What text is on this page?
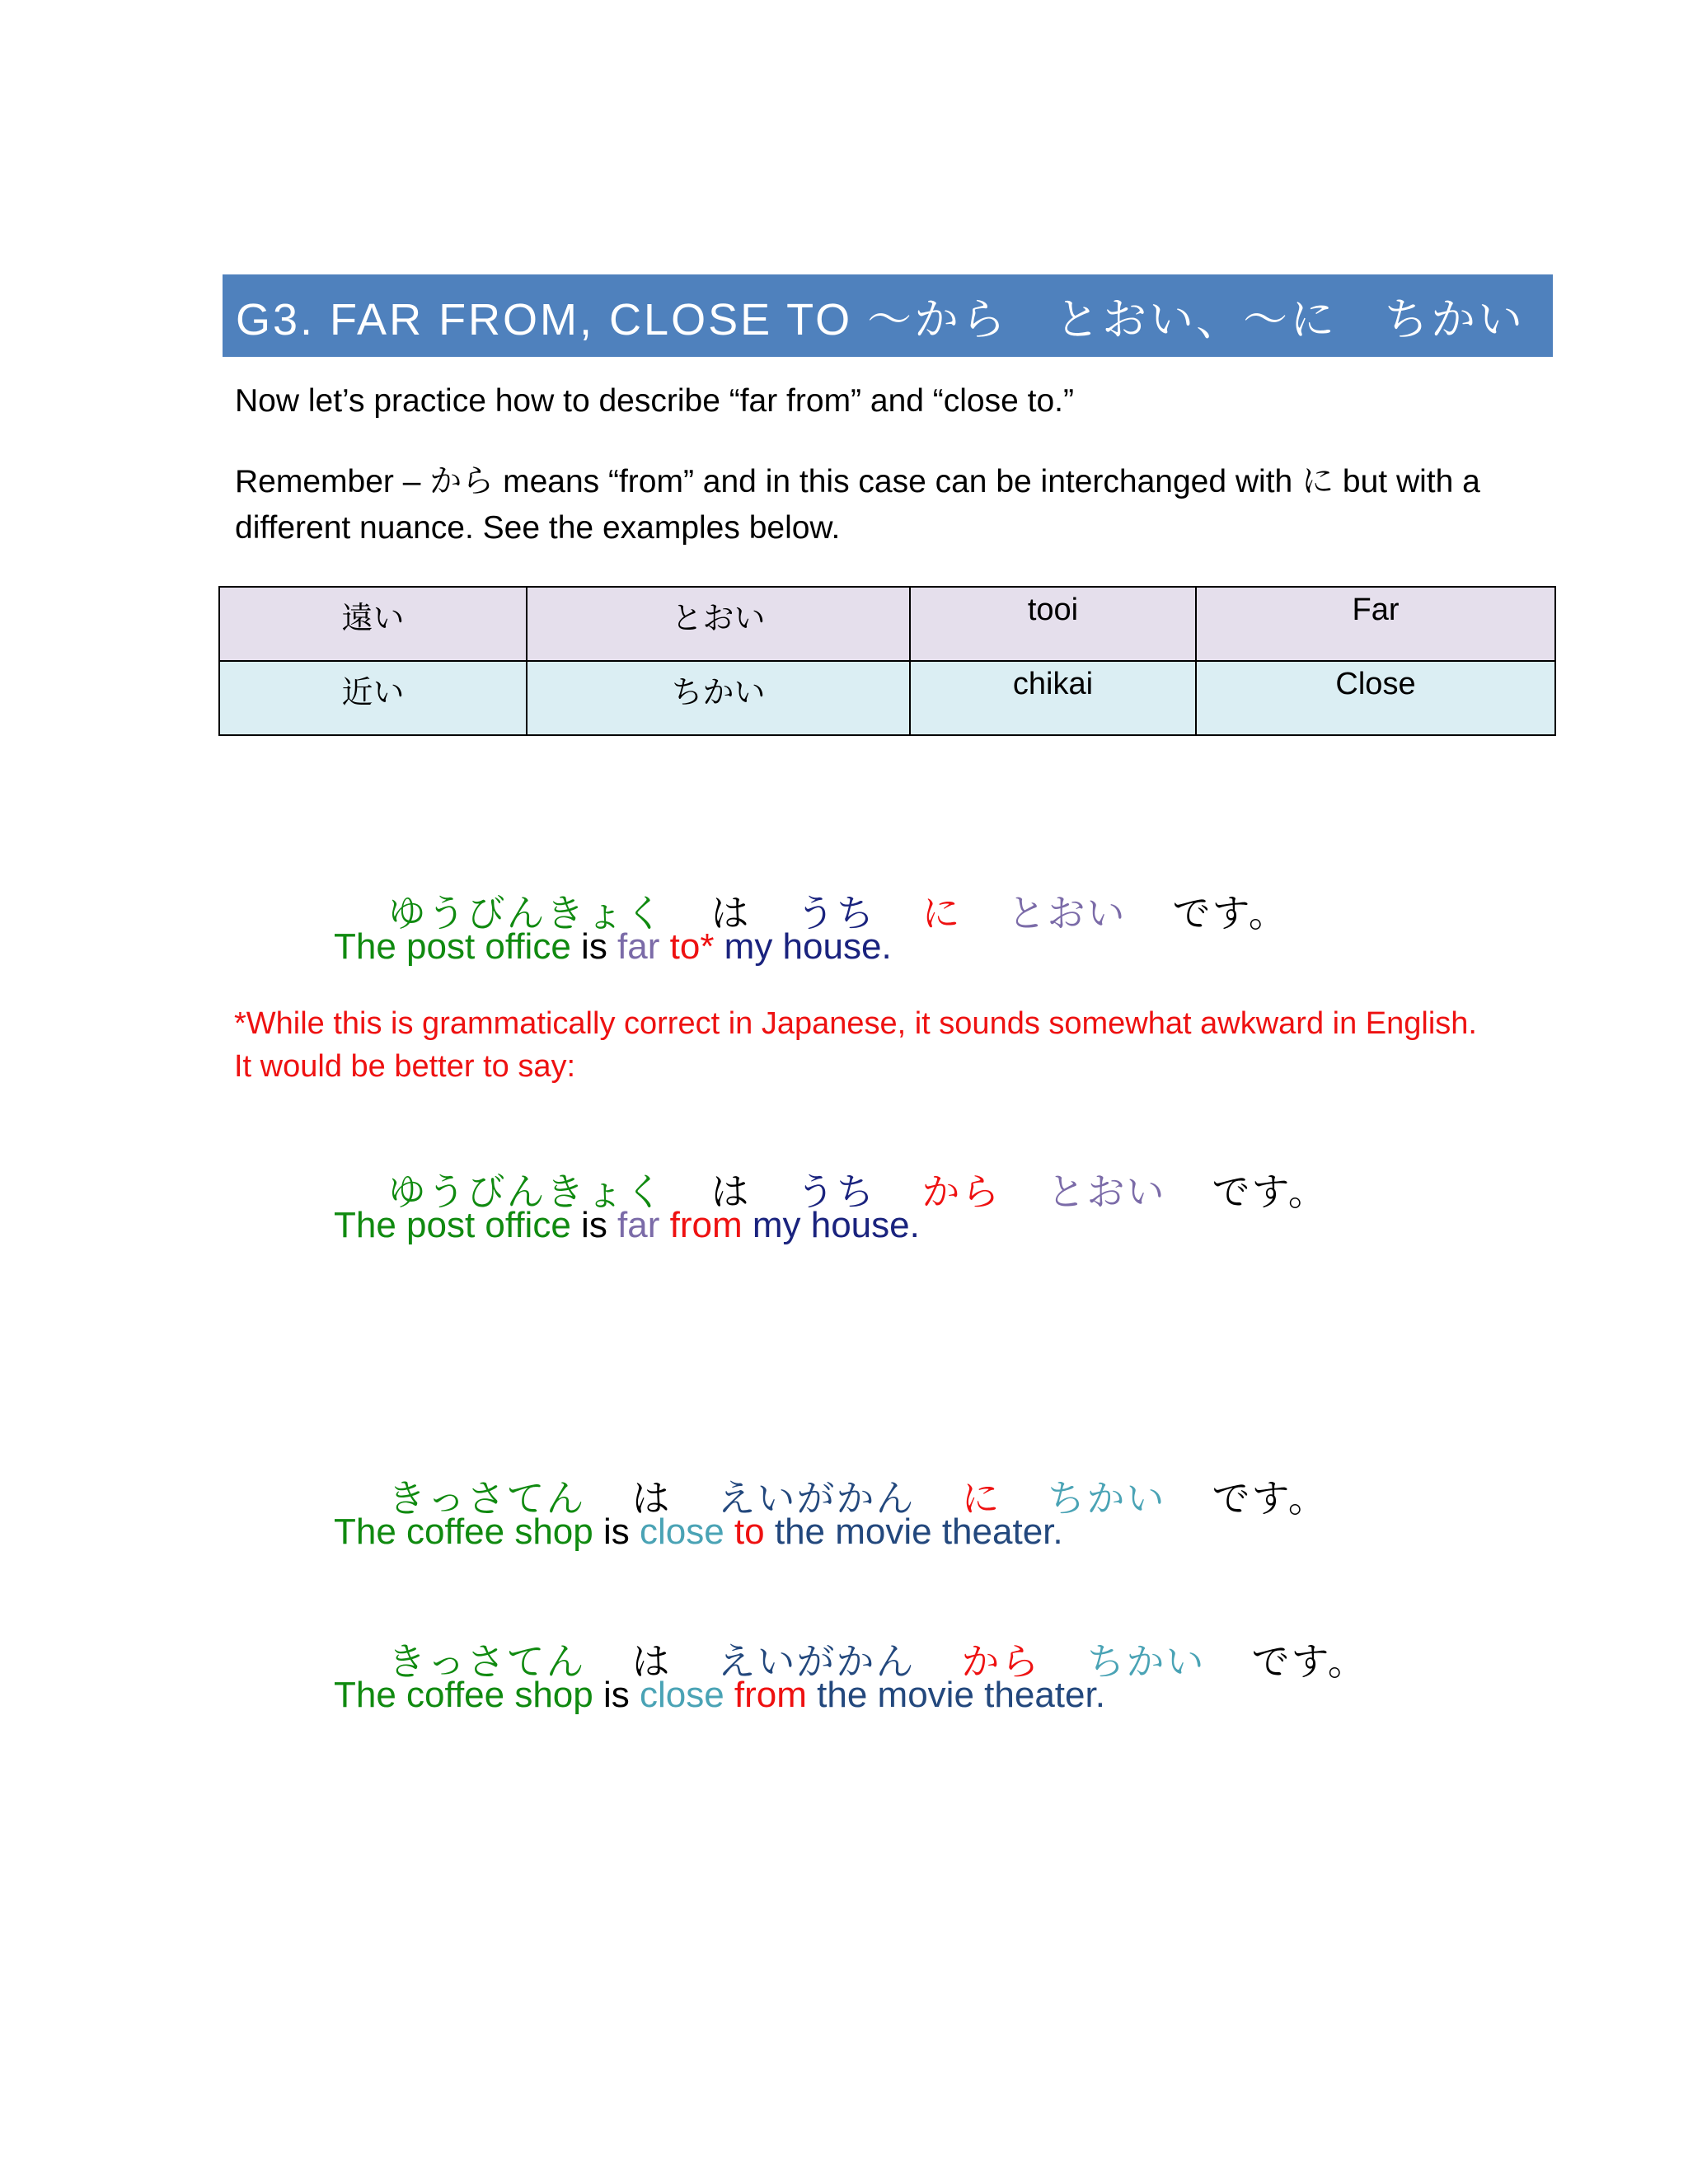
G3. FAR FROM, CLOSE TO ～から　とおい、～に　ちかい
Now let’s practice how to describe “far from” and “close to.”
Remember – から means “from” and in this case can be interchanged with に but with a different nuance. See the examples below.
遠い	とおい	tooi	Far
近い	ちかい	chikai	Close

ゆうびんきょく は うち に とおい です。

The post office is far to* my house.
*While this is grammatically correct in Japanese, it sounds somewhat awkward in English.
It would be better to say:

ゆうびんきょく は うち から とおい です。

The post office is far from my house.

きっさてん は えいがかん に ちかい です。

The coffee shop is close to the movie theater.

きっさてん は えいがかん から ちかい です。

The coffee shop is close from the movie theater.
